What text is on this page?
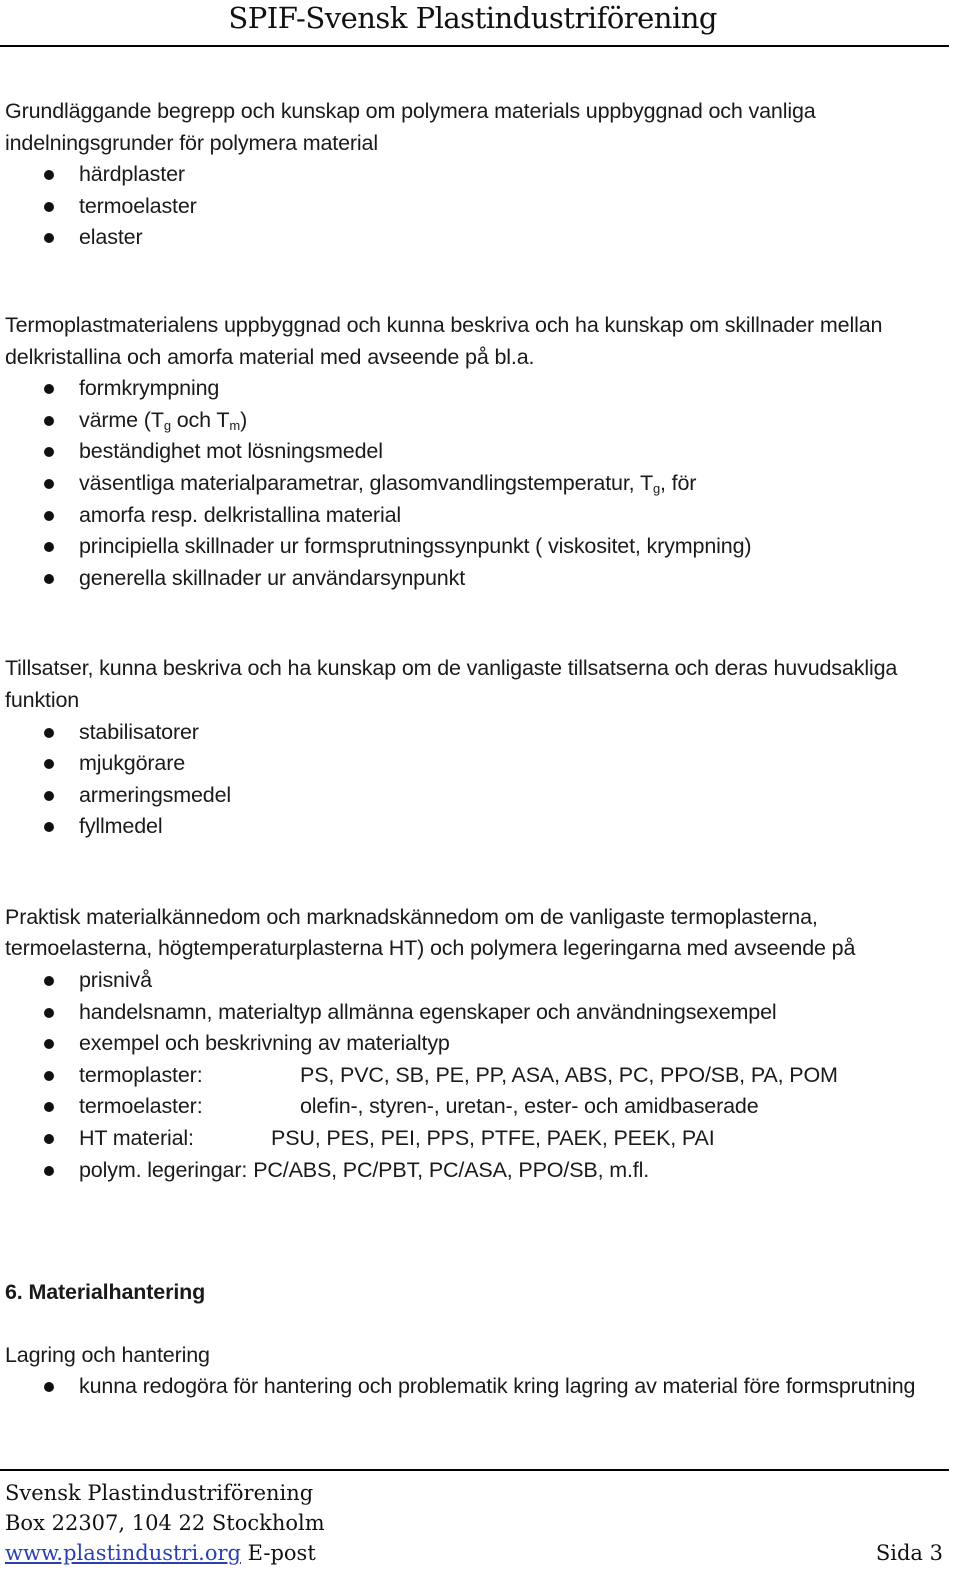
SPIF-Svensk Plastindustriförening

Grundläggande begrepp och kunskap om polymera materials uppbyggnad och vanliga indelningsgrunder för polymera material

härdplaster
termoelaster
elaster

Termoplastmaterialens uppbyggnad och kunna beskriva och ha kunskap om skillnader mellan delkristallina och amorfa material med avseende på bl.a.

formkrympning
värme ($T_g$ och $T_m$)
beständighet mot lösningsmedel
väsentliga materialparametrar, glasomvandlingstemperatur, $T_g$, för
amorfa resp. delkristallina material
principiella skillnader ur formsprutningssynpunkt ( viskositet, krympning)
generella skillnader ur användarsynpunkt

Tillsatser, kunna beskriva och ha kunskap om de vanligaste tillsatserna och deras huvudsakliga funktion

stabilisatorer
mjukgörare
armeringsmedel
fyllmedel

Praktisk materialkännedom och marknadskännedom om de vanligaste termoplasterna, termoelasterna, högtemperaturplasterna HT) och polymera legeringarna med avseende på

prisnivå
handelsnamn, materialtyp allmänna egenskaper och användningsexempel
exempel och beskrivning av materialtyp
termoplaster:	PS, PVC, SB, PE, PP, ASA, ABS, PC, PPO/SB, PA, POM
termoelaster:	olefin-, styren-, uretan-, ester- och amidbaserade
HT material:	PSU, PES, PEI, PPS, PTFE, PAEK, PEEK, PAI
polym. legeringar: PC/ABS, PC/PBT, PC/ASA, PPO/SB, m.fl.

6. Materialhantering

Lagring och hantering

kunna redogöra för hantering och problematik kring lagring av material före formsprutning
Svensk Plastindustriförening
Box 22307, 104 22 Stockholm
www.plastindustri.org E-post	Sida 3
